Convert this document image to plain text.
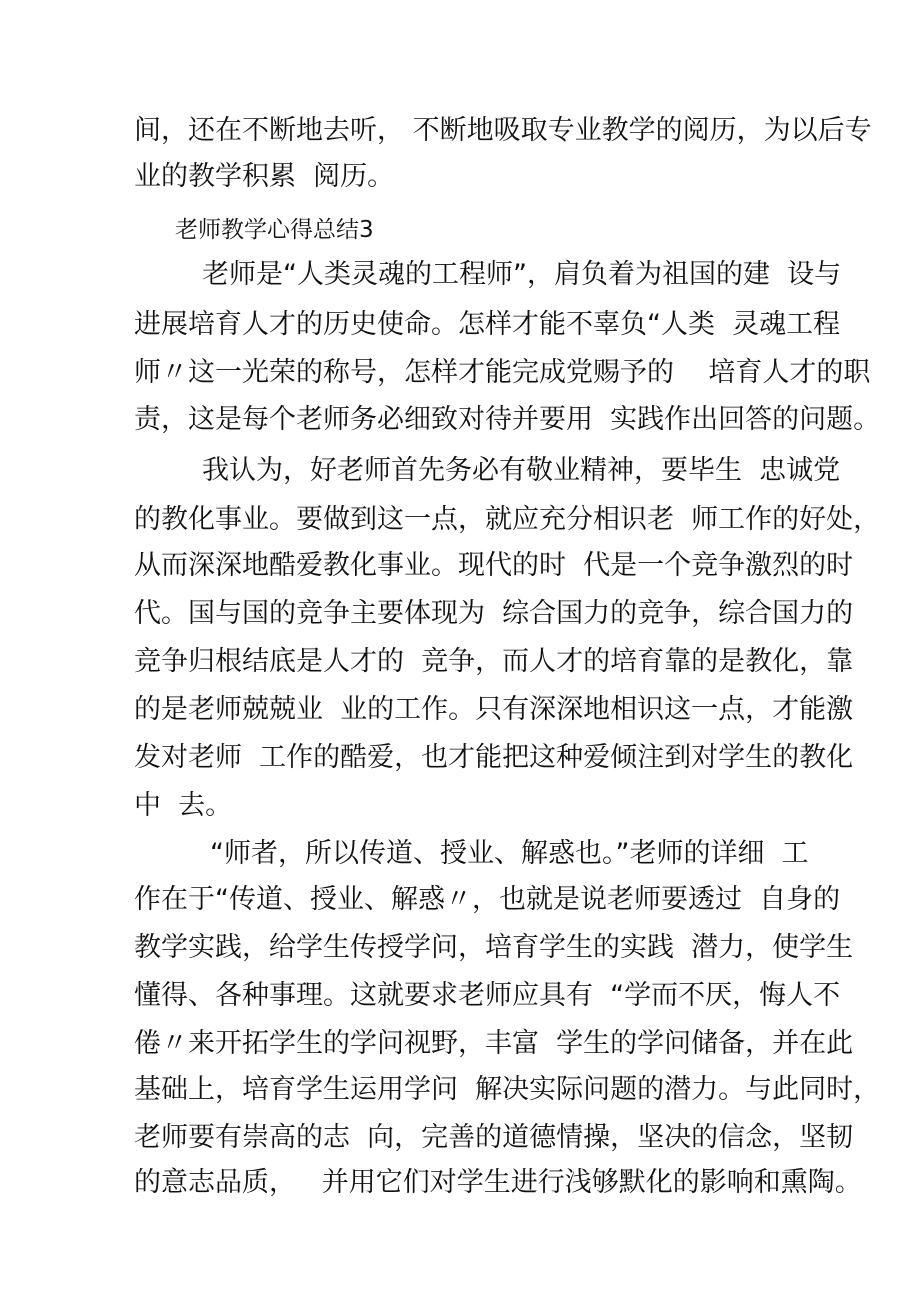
间，还在不断地去听， 不断地吸取专业教学的阅历，为以后专
业的教学积累  阅历。
老师教学心得总结3
老师是“人类灵魂的工程师”，肩负着为祖国的建  设与
进展培育人才的历史使命。怎样才能不辜负“人类  灵魂工程
师〃这一光荣的称号，怎样才能完成党赐予的    培育人才的职
责，这是每个老师务必细致对待并要用  实践作出回答的问题。
我认为，好老师首先务必有敬业精神，要毕生  忠诚党
的教化事业。要做到这一点，就应充分相识老  师工作的好处，
从而深深地酷爱教化事业。现代的时  代是一个竞争激烈的时
代。国与国的竞争主要体现为  综合国力的竞争，综合国力的
竞争归根结底是人才的  竞争，而人才的培育靠的是教化，靠
的是老师兢兢业  业的工作。只有深深地相识这一点，才能激
发对老师  工作的酷爱，也才能把这种爱倾注到对学生的教化
中  去。
“师者，所以传道、授业、解惑也。”老师的详细  工
作在于“传道、授业、解惑〃，也就是说老师要透过  自身的
教学实践，给学生传授学问，培育学生的实践  潜力，使学生
懂得、各种事理。这就要求老师应具有  “学而不厌，悔人不
倦〃来开拓学生的学问视野，丰富  学生的学问储备，并在此
基础上，培育学生运用学问  解决实际问题的潜力。与此同时，
老师要有崇高的志  向，完善的道德情操，坚决的信念，坚韧
的意志品质，   并用它们对学生进行浅够默化的影响和熏陶。
